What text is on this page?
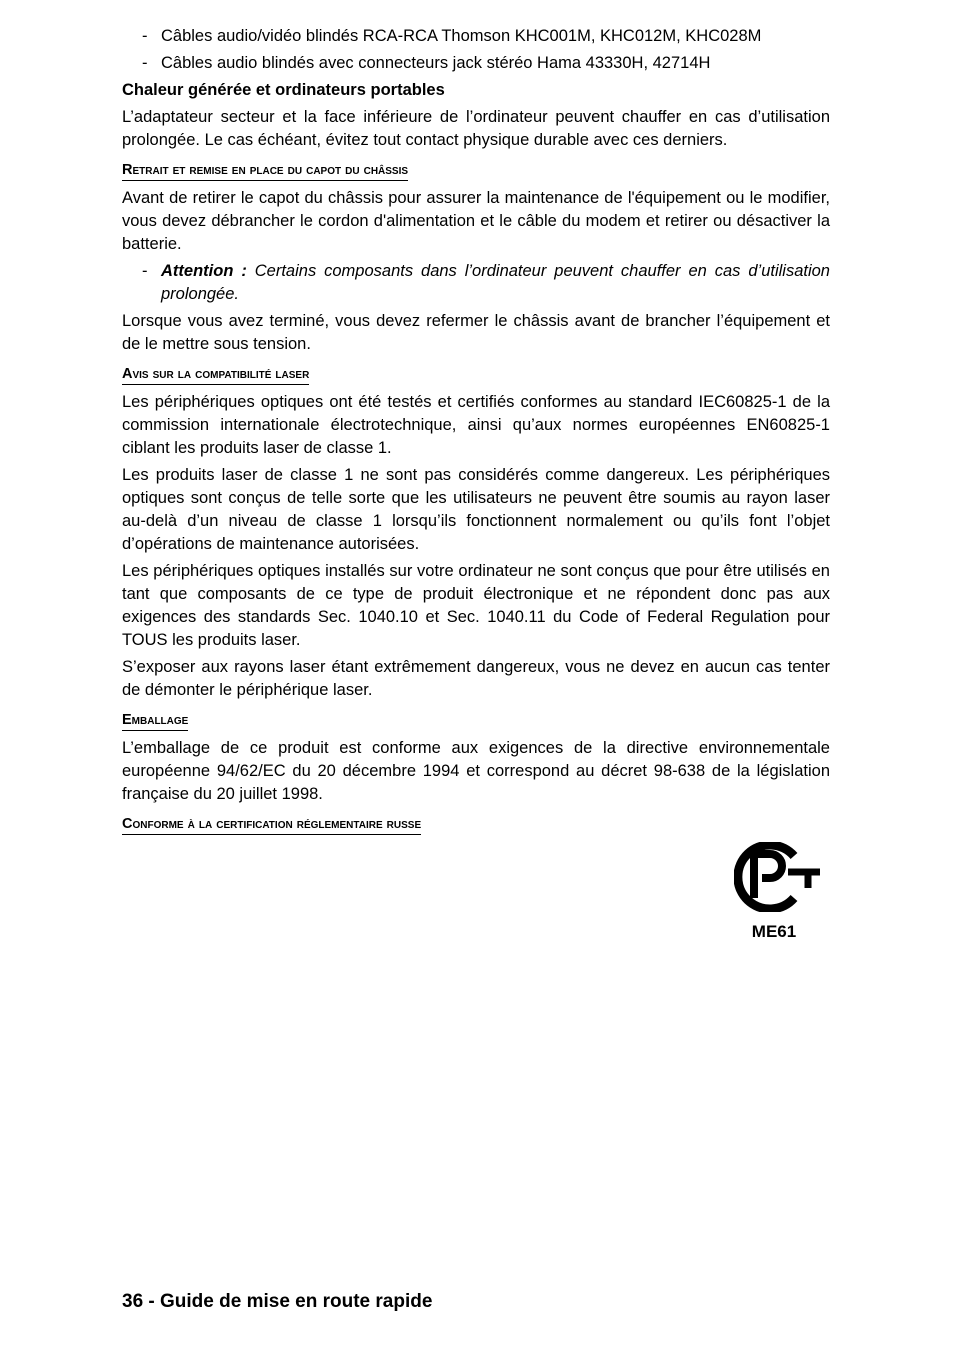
- Câbles audio/vidéo blindés RCA-RCA Thomson KHC001M, KHC012M, KHC028M
- Câbles audio blindés avec connecteurs jack stéréo Hama 43330H, 42714H
Chaleur générée et ordinateurs portables

L’adaptateur secteur et la face inférieure de l’ordinateur peuvent chauffer en cas d’utilisation prolongée. Le cas échéant, évitez tout contact physique durable avec ces derniers.

Retrait et remise en place du capot du châssis

Avant de retirer le capot du châssis pour assurer la maintenance de l'équipement ou le modifier, vous devez débrancher le cordon d'alimentation et le câble du modem et retirer ou désactiver la batterie.

- Attention : Certains composants dans l’ordinateur peuvent chauffer en cas d’utilisation prolongée.

Lorsque vous avez terminé, vous devez refermer le châssis avant de brancher l’équipement et de le mettre sous tension.

Avis sur la compatibilité laser

Les périphériques optiques ont été testés et certifiés conformes au standard IEC60825-1 de la commission internationale électrotechnique, ainsi qu’aux normes européennes EN60825-1 ciblant les produits laser de classe 1.

Les produits laser de classe 1 ne sont pas considérés comme dangereux. Les périphériques optiques sont conçus de telle sorte que les utilisateurs ne peuvent être soumis au rayon laser au-delà d’un niveau de classe 1 lorsqu’ils fonctionnent normalement ou qu’ils font l’objet d’opérations de maintenance autorisées.

Les périphériques optiques installés sur votre ordinateur ne sont conçus que pour être utilisés en tant que composants de ce type de produit électronique et ne répondent donc pas aux exigences des standards Sec. 1040.10 et Sec. 1040.11 du Code of Federal Regulation pour TOUS les produits laser.

S’exposer aux rayons laser étant extrêmement dangereux, vous ne devez en aucun cas tenter de démonter le périphérique laser.

Emballage

L’emballage de ce produit est conforme aux exigences de la directive environnementale européenne 94/62/EC du 20 décembre 1994 et correspond au décret 98-638 de la législation française du 20 juillet 1998.

Conforme à la certification réglementaire russe
ME61
36 - Guide de mise en route rapide
